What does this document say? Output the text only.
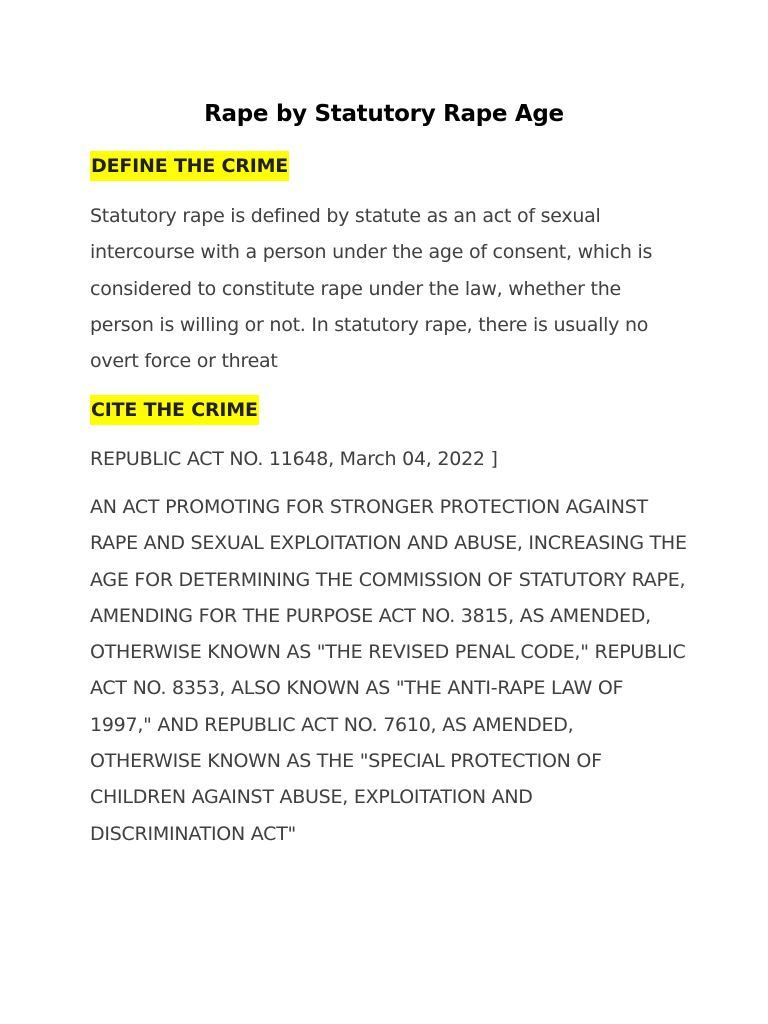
Rape by Statutory Rape Age
DEFINE THE CRIME

Statutory rape is defined by statute as an act of sexual intercourse with a person under the age of consent, which is considered to constitute rape under the law, whether the person is willing or not. In statutory rape, there is usually no overt force or threat

CITE THE CRIME

REPUBLIC ACT NO. 11648, March 04, 2022 ]

AN ACT PROMOTING FOR STRONGER PROTECTION AGAINST RAPE AND SEXUAL EXPLOITATION AND ABUSE, INCREASING THE AGE FOR DETERMINING THE COMMISSION OF STATUTORY RAPE, AMENDING FOR THE PURPOSE ACT NO. 3815, AS AMENDED, OTHERWISE KNOWN AS "THE REVISED PENAL CODE," REPUBLIC ACT NO. 8353, ALSO KNOWN AS "THE ANTI-RAPE LAW OF 1997," AND REPUBLIC ACT NO. 7610, AS AMENDED, OTHERWISE KNOWN AS THE "SPECIAL PROTECTION OF CHILDREN AGAINST ABUSE, EXPLOITATION AND DISCRIMINATION ACT"
